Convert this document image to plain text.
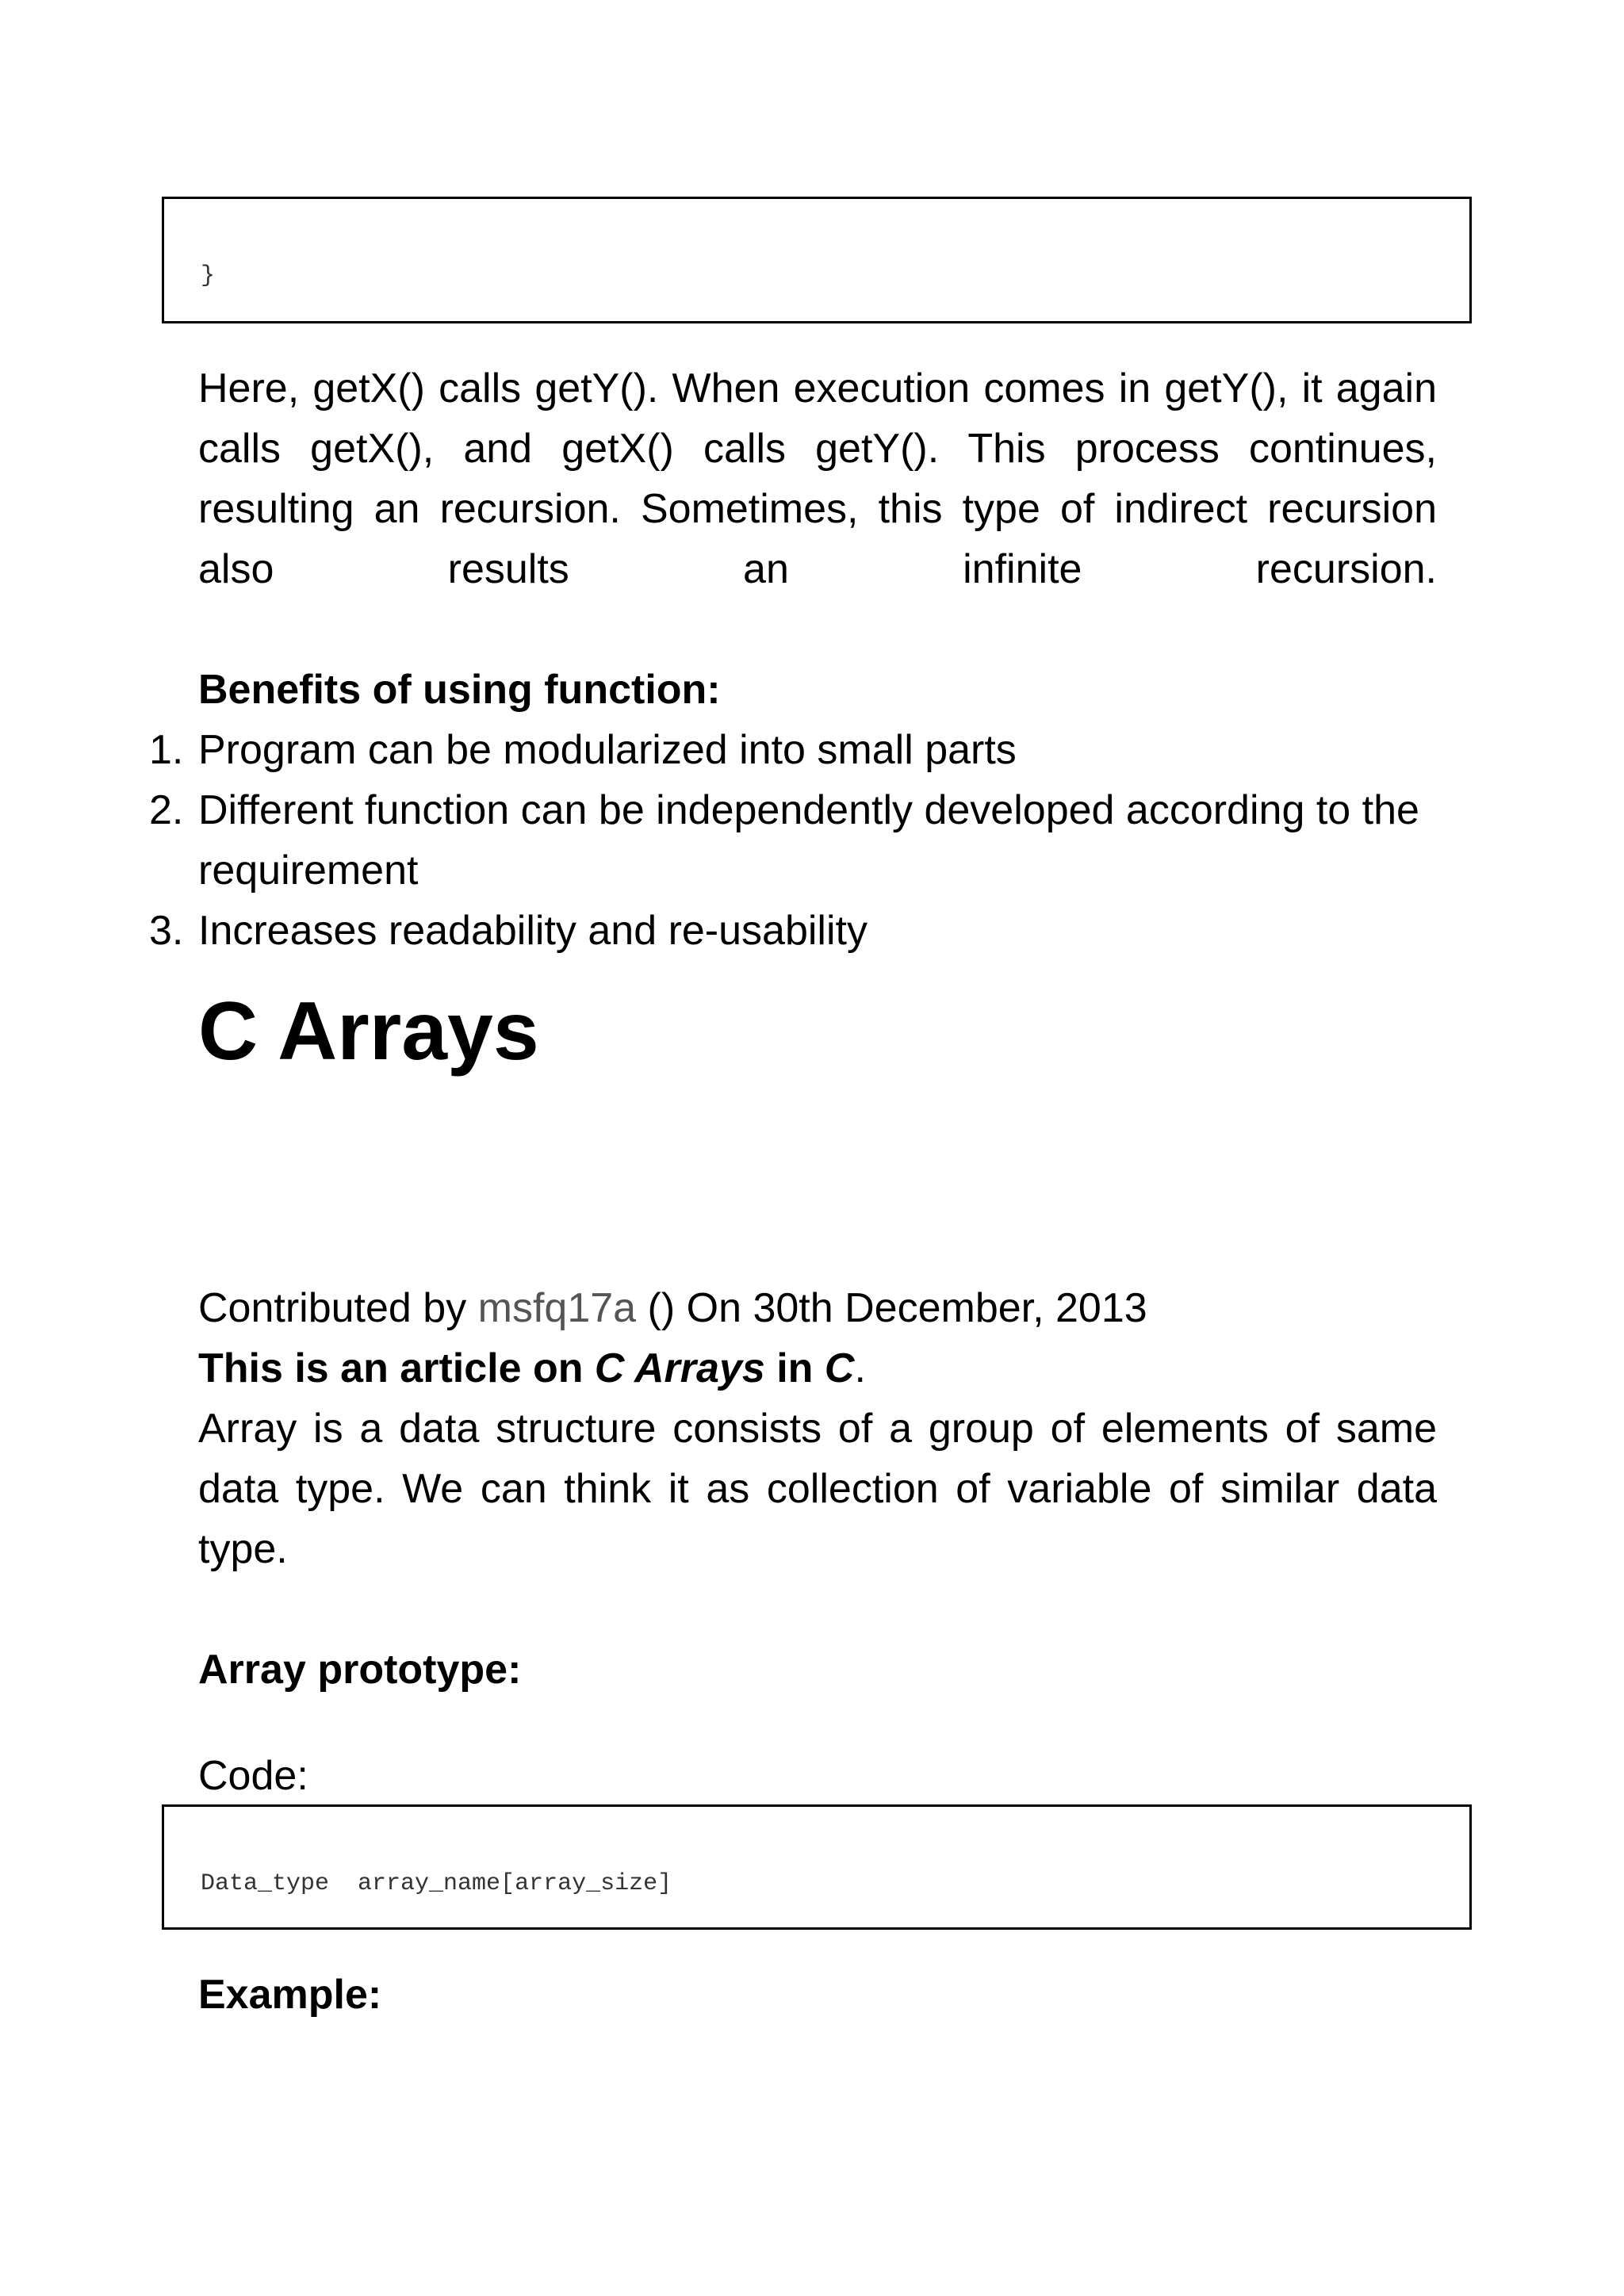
}

Here, getX() calls getY(). When execution comes in getY(), it again calls getX(), and getX() calls getY(). This process continues, resulting an recursion. Sometimes, this type of indirect recursion also results an infinite recursion.
Benefits of using function:
1. Program can be modularized into small parts
2. Different function can be independently developed according to the requirement
3. Increases readability and re-usability
C Arrays
Contributed by msfq17a () On 30th December, 2013
This is an article on C Arrays in C.
Array is a data structure consists of a group of elements of same data type. We can think it as collection of variable of similar data type.
Array prototype:
Code:

Data_type  array_name[array_size]

Example:
